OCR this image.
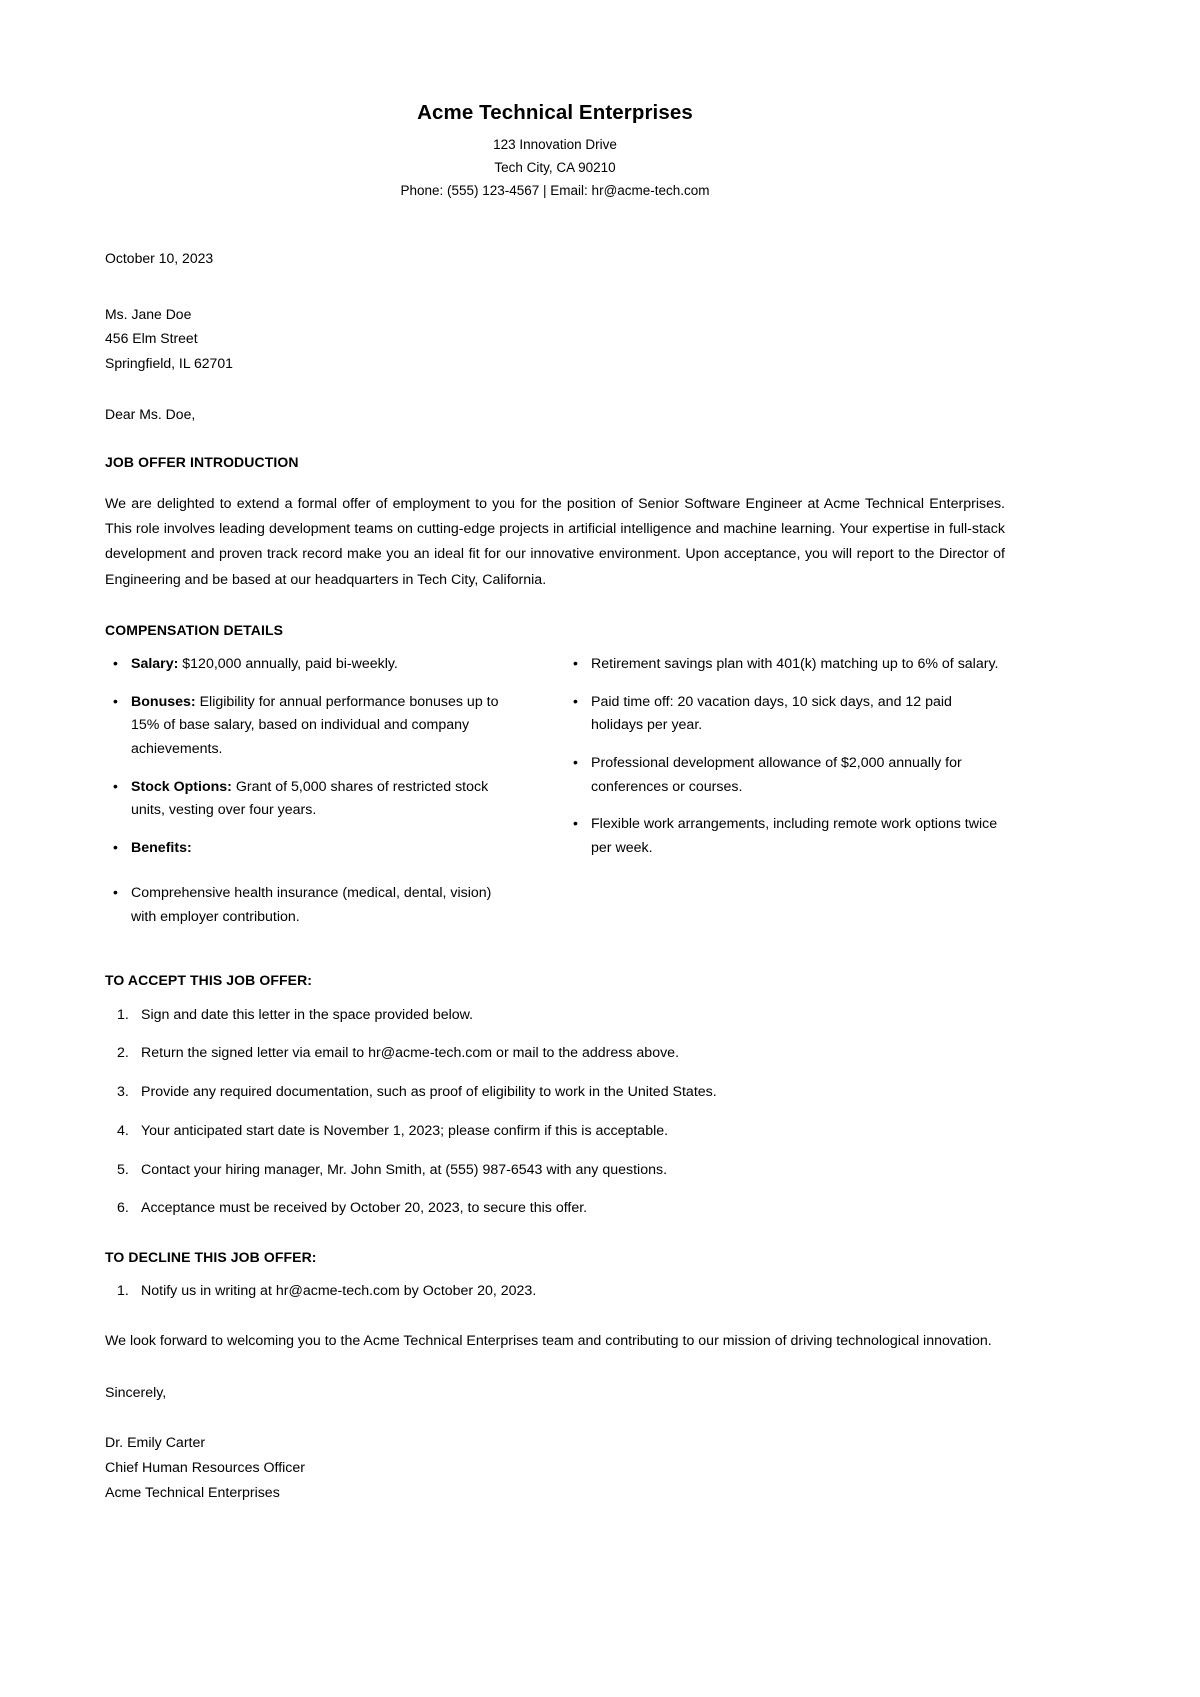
Acme Technical Enterprises
123 Innovation Drive
Tech City, CA 90210
Phone: (555) 123-4567 | Email: hr@acme-tech.com
October 10, 2023
Ms. Jane Doe
456 Elm Street
Springfield, IL 62701
Dear Ms. Doe,
JOB OFFER INTRODUCTION

We are delighted to extend a formal offer of employment to you for the position of Senior Software Engineer at Acme Technical Enterprises. This role involves leading development teams on cutting-edge projects in artificial intelligence and machine learning. Your expertise in full-stack development and proven track record make you an ideal fit for our innovative environment. Upon acceptance, you will report to the Director of Engineering and be based at our headquarters in Tech City, California.

COMPENSATION DETAILS
• Salary: $120,000 annually, paid bi-weekly.
• Bonuses: Eligibility for annual performance bonuses up to 15% of base salary, based on individual and company achievements.
• Stock Options: Grant of 5,000 shares of restricted stock units, vesting over four years.
• Benefits:
• Comprehensive health insurance (medical, dental, vision) with employer contribution.
• Retirement savings plan with 401(k) matching up to 6% of salary.
• Paid time off: 20 vacation days, 10 sick days, and 12 paid holidays per year.
• Professional development allowance of $2,000 annually for conferences or courses.
• Flexible work arrangements, including remote work options twice per week.
TO ACCEPT THIS JOB OFFER:
Sign and date this letter in the space provided below.
Return the signed letter via email to hr@acme-tech.com or mail to the address above.
Provide any required documentation, such as proof of eligibility to work in the United States.
Your anticipated start date is November 1, 2023; please confirm if this is acceptable.
Contact your hiring manager, Mr. John Smith, at (555) 987-6543 with any questions.
Acceptance must be received by October 20, 2023, to secure this offer.
TO DECLINE THIS JOB OFFER:
Notify us in writing at hr@acme-tech.com by October 20, 2023.

We look forward to welcoming you to the Acme Technical Enterprises team and contributing to our mission of driving technological innovation.

Sincerely,
Dr. Emily Carter
Chief Human Resources Officer
Acme Technical Enterprises
